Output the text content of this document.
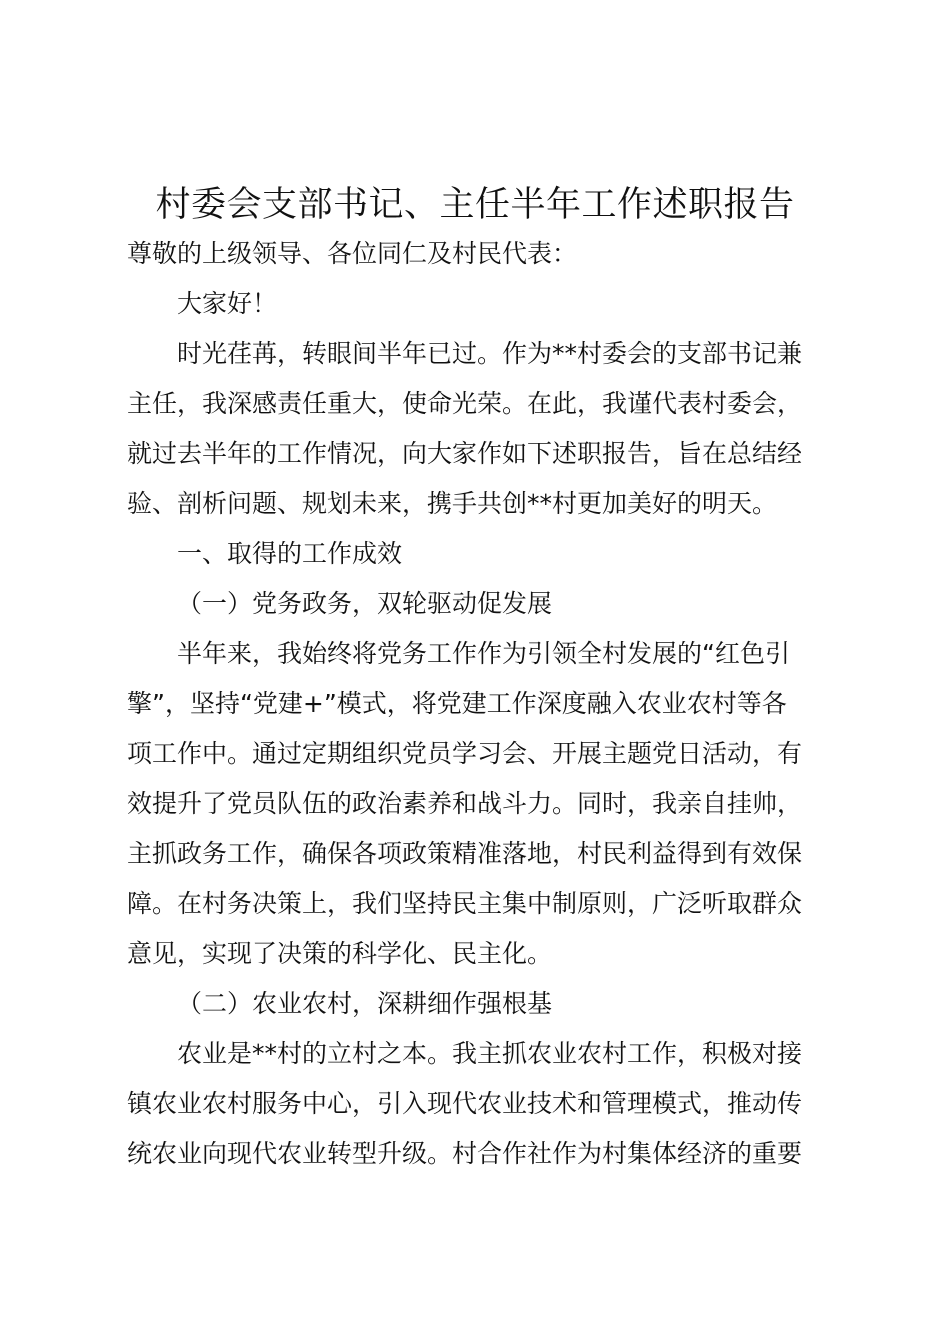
村委会支部书记、主任半年工作述职报告
尊敬的上级领导、各位同仁及村民代表：
大家好！
时光荏苒，转眼间半年已过。作为**村委会的支部书记兼
主任，我深感责任重大，使命光荣。在此，我谨代表村委会，
就过去半年的工作情况，向大家作如下述职报告，旨在总结经
验、剖析问题、规划未来，携手共创**村更加美好的明天。
一、取得的工作成效
（一）党务政务，双轮驱动促发展
半年来，我始终将党务工作作为引领全村发展的“红色引
擎”，坚持“党建+”模式，将党建工作深度融入农业农村等各
项工作中。通过定期组织党员学习会、开展主题党日活动，有
效提升了党员队伍的政治素养和战斗力。同时，我亲自挂帅，
主抓政务工作，确保各项政策精准落地，村民利益得到有效保
障。在村务决策上，我们坚持民主集中制原则，广泛听取群众
意见，实现了决策的科学化、民主化。
（二）农业农村，深耕细作强根基
农业是**村的立村之本。我主抓农业农村工作，积极对接
镇农业农村服务中心，引入现代农业技术和管理模式，推动传
统农业向现代农业转型升级。村合作社作为村集体经济的重要
